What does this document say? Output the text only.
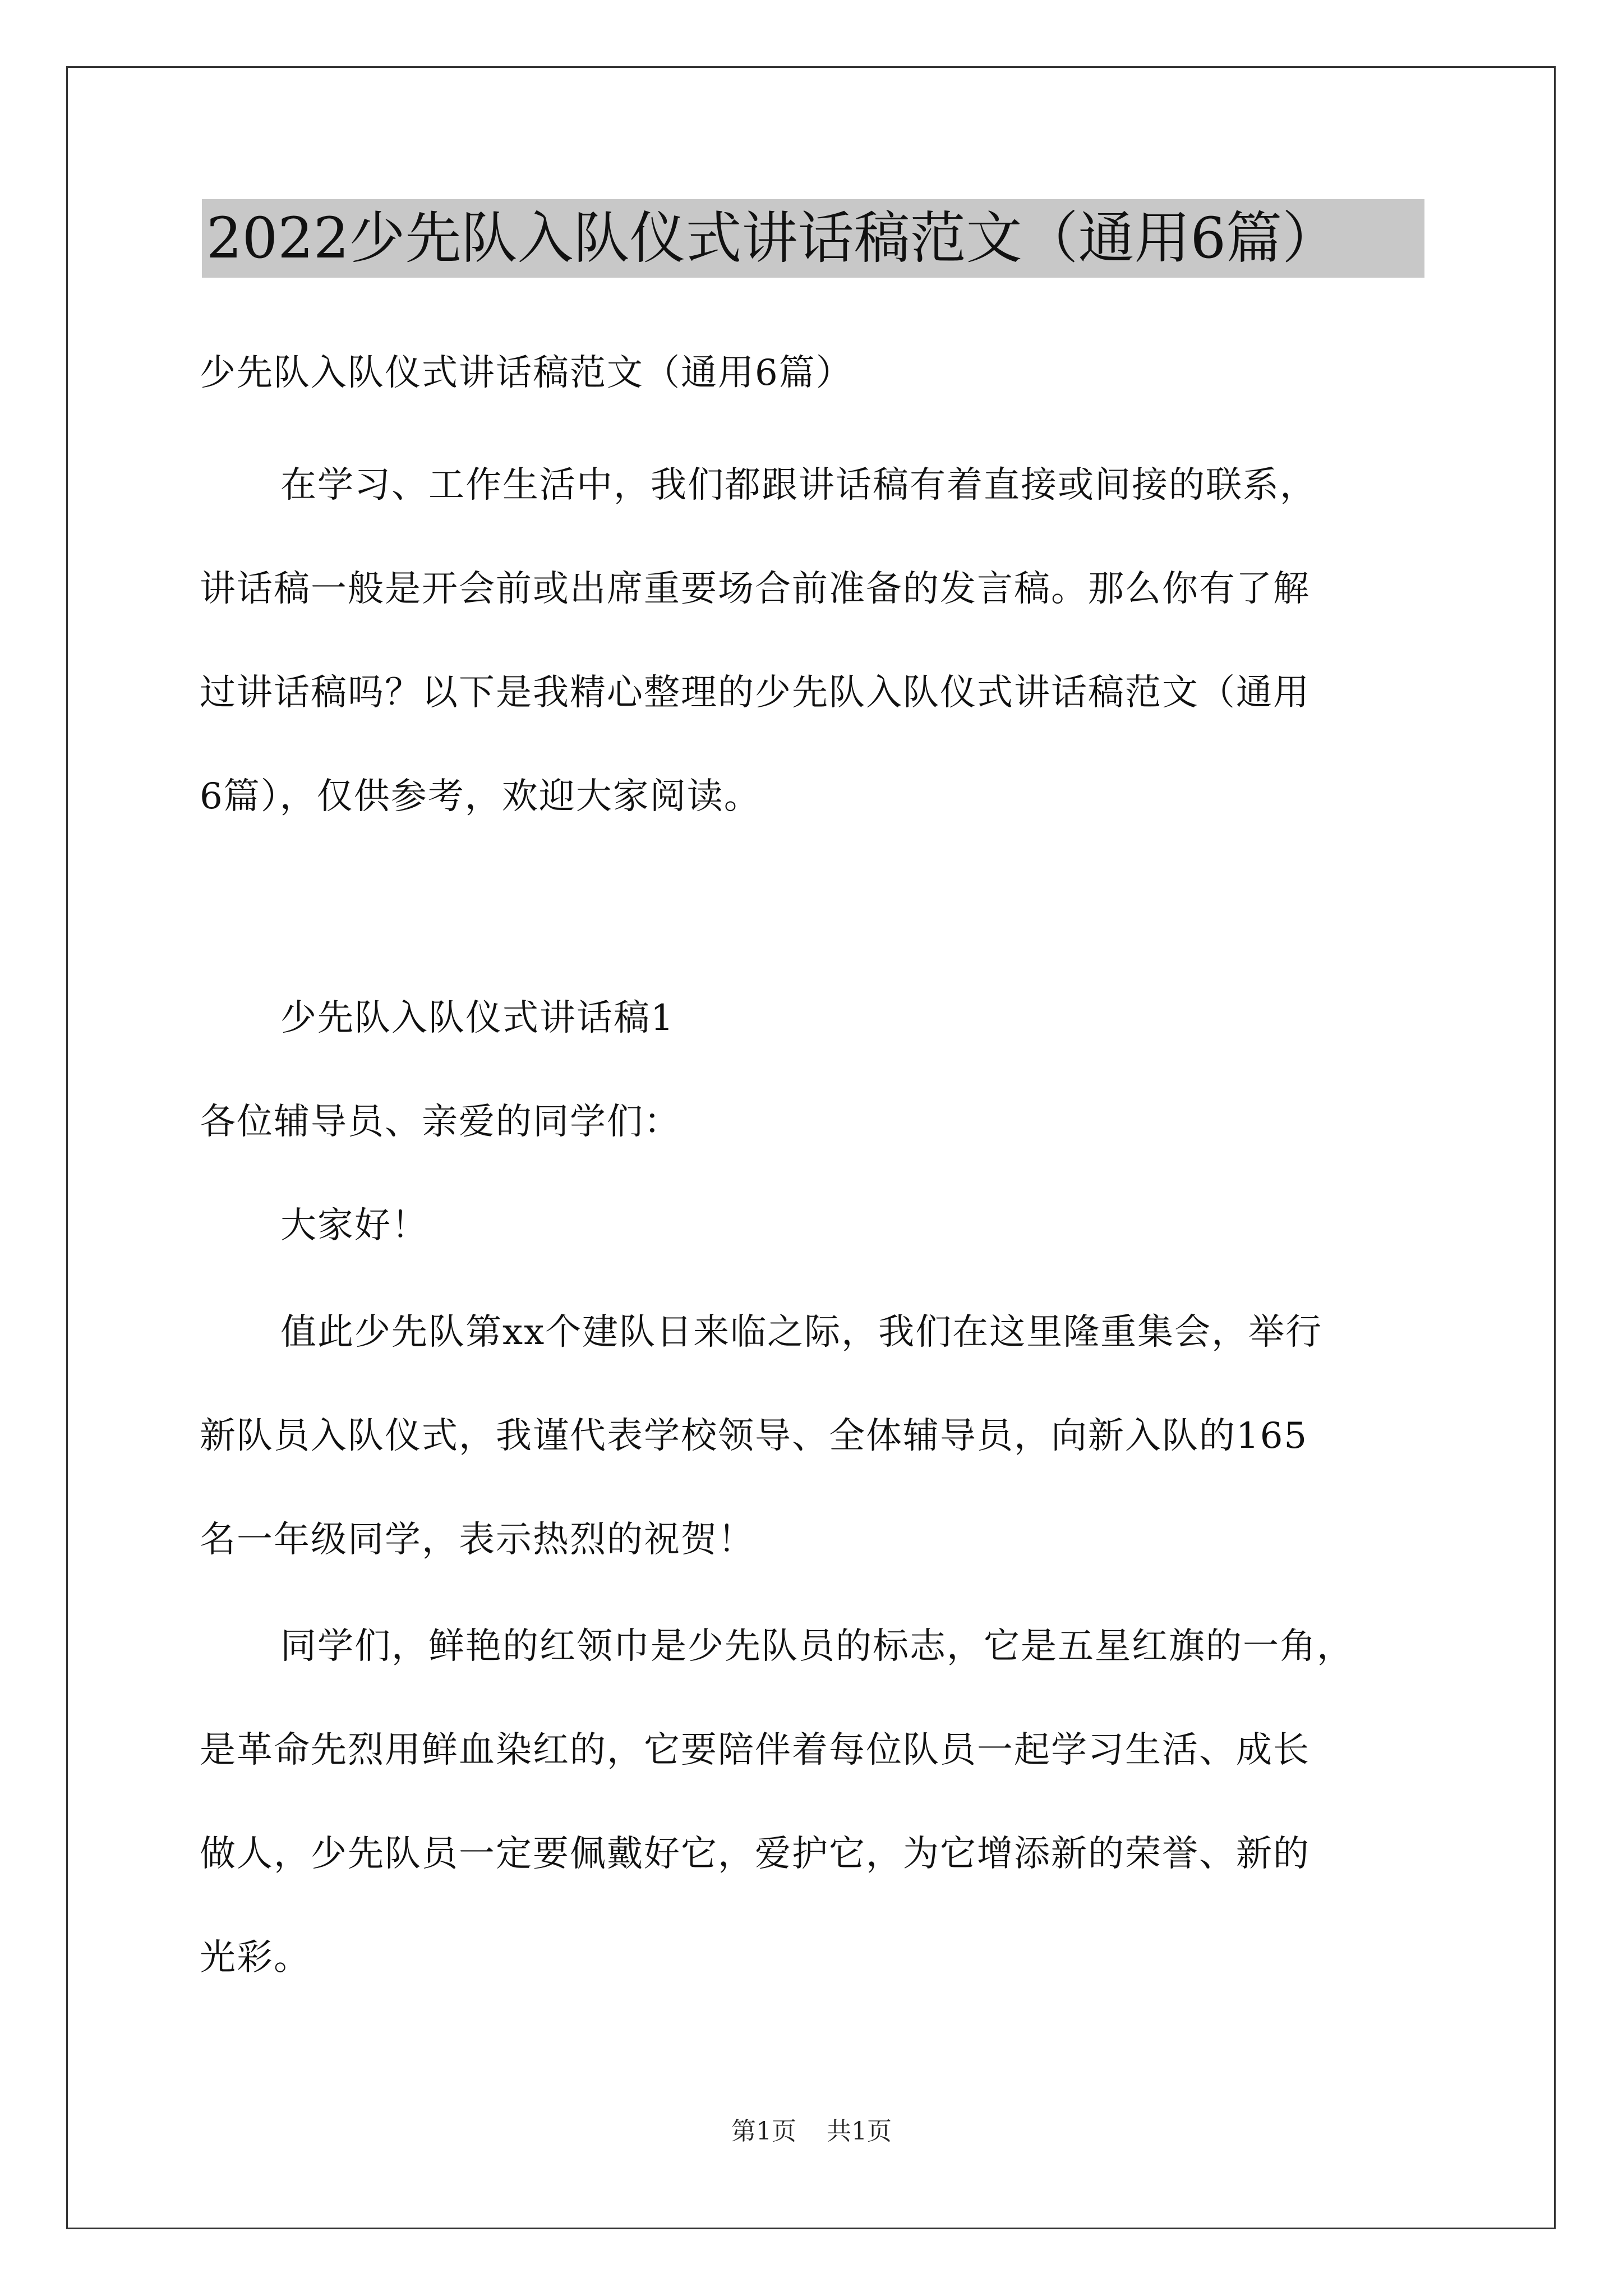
2022少先队入队仪式讲话稿范文（通用6篇）
少先队入队仪式讲话稿范文（通用6篇）
在学习、工作生活中，我们都跟讲话稿有着直接或间接的联系，
讲话稿一般是开会前或出席重要场合前准备的发言稿。那么你有了解
过讲话稿吗？以下是我精心整理的少先队入队仪式讲话稿范文（通用
6篇），仅供参考，欢迎大家阅读。
少先队入队仪式讲话稿1
各位辅导员、亲爱的同学们：
大家好！
值此少先队第xx个建队日来临之际，我们在这里隆重集会，举行
新队员入队仪式，我谨代表学校领导、全体辅导员，向新入队的165
名一年级同学，表示热烈的祝贺！
同学们，鲜艳的红领巾是少先队员的标志，它是五星红旗的一角，
是革命先烈用鲜血染红的，它要陪伴着每位队员一起学习生活、成长
做人，少先队员一定要佩戴好它，爱护它，为它增添新的荣誉、新的
光彩。
第1页 共1页
